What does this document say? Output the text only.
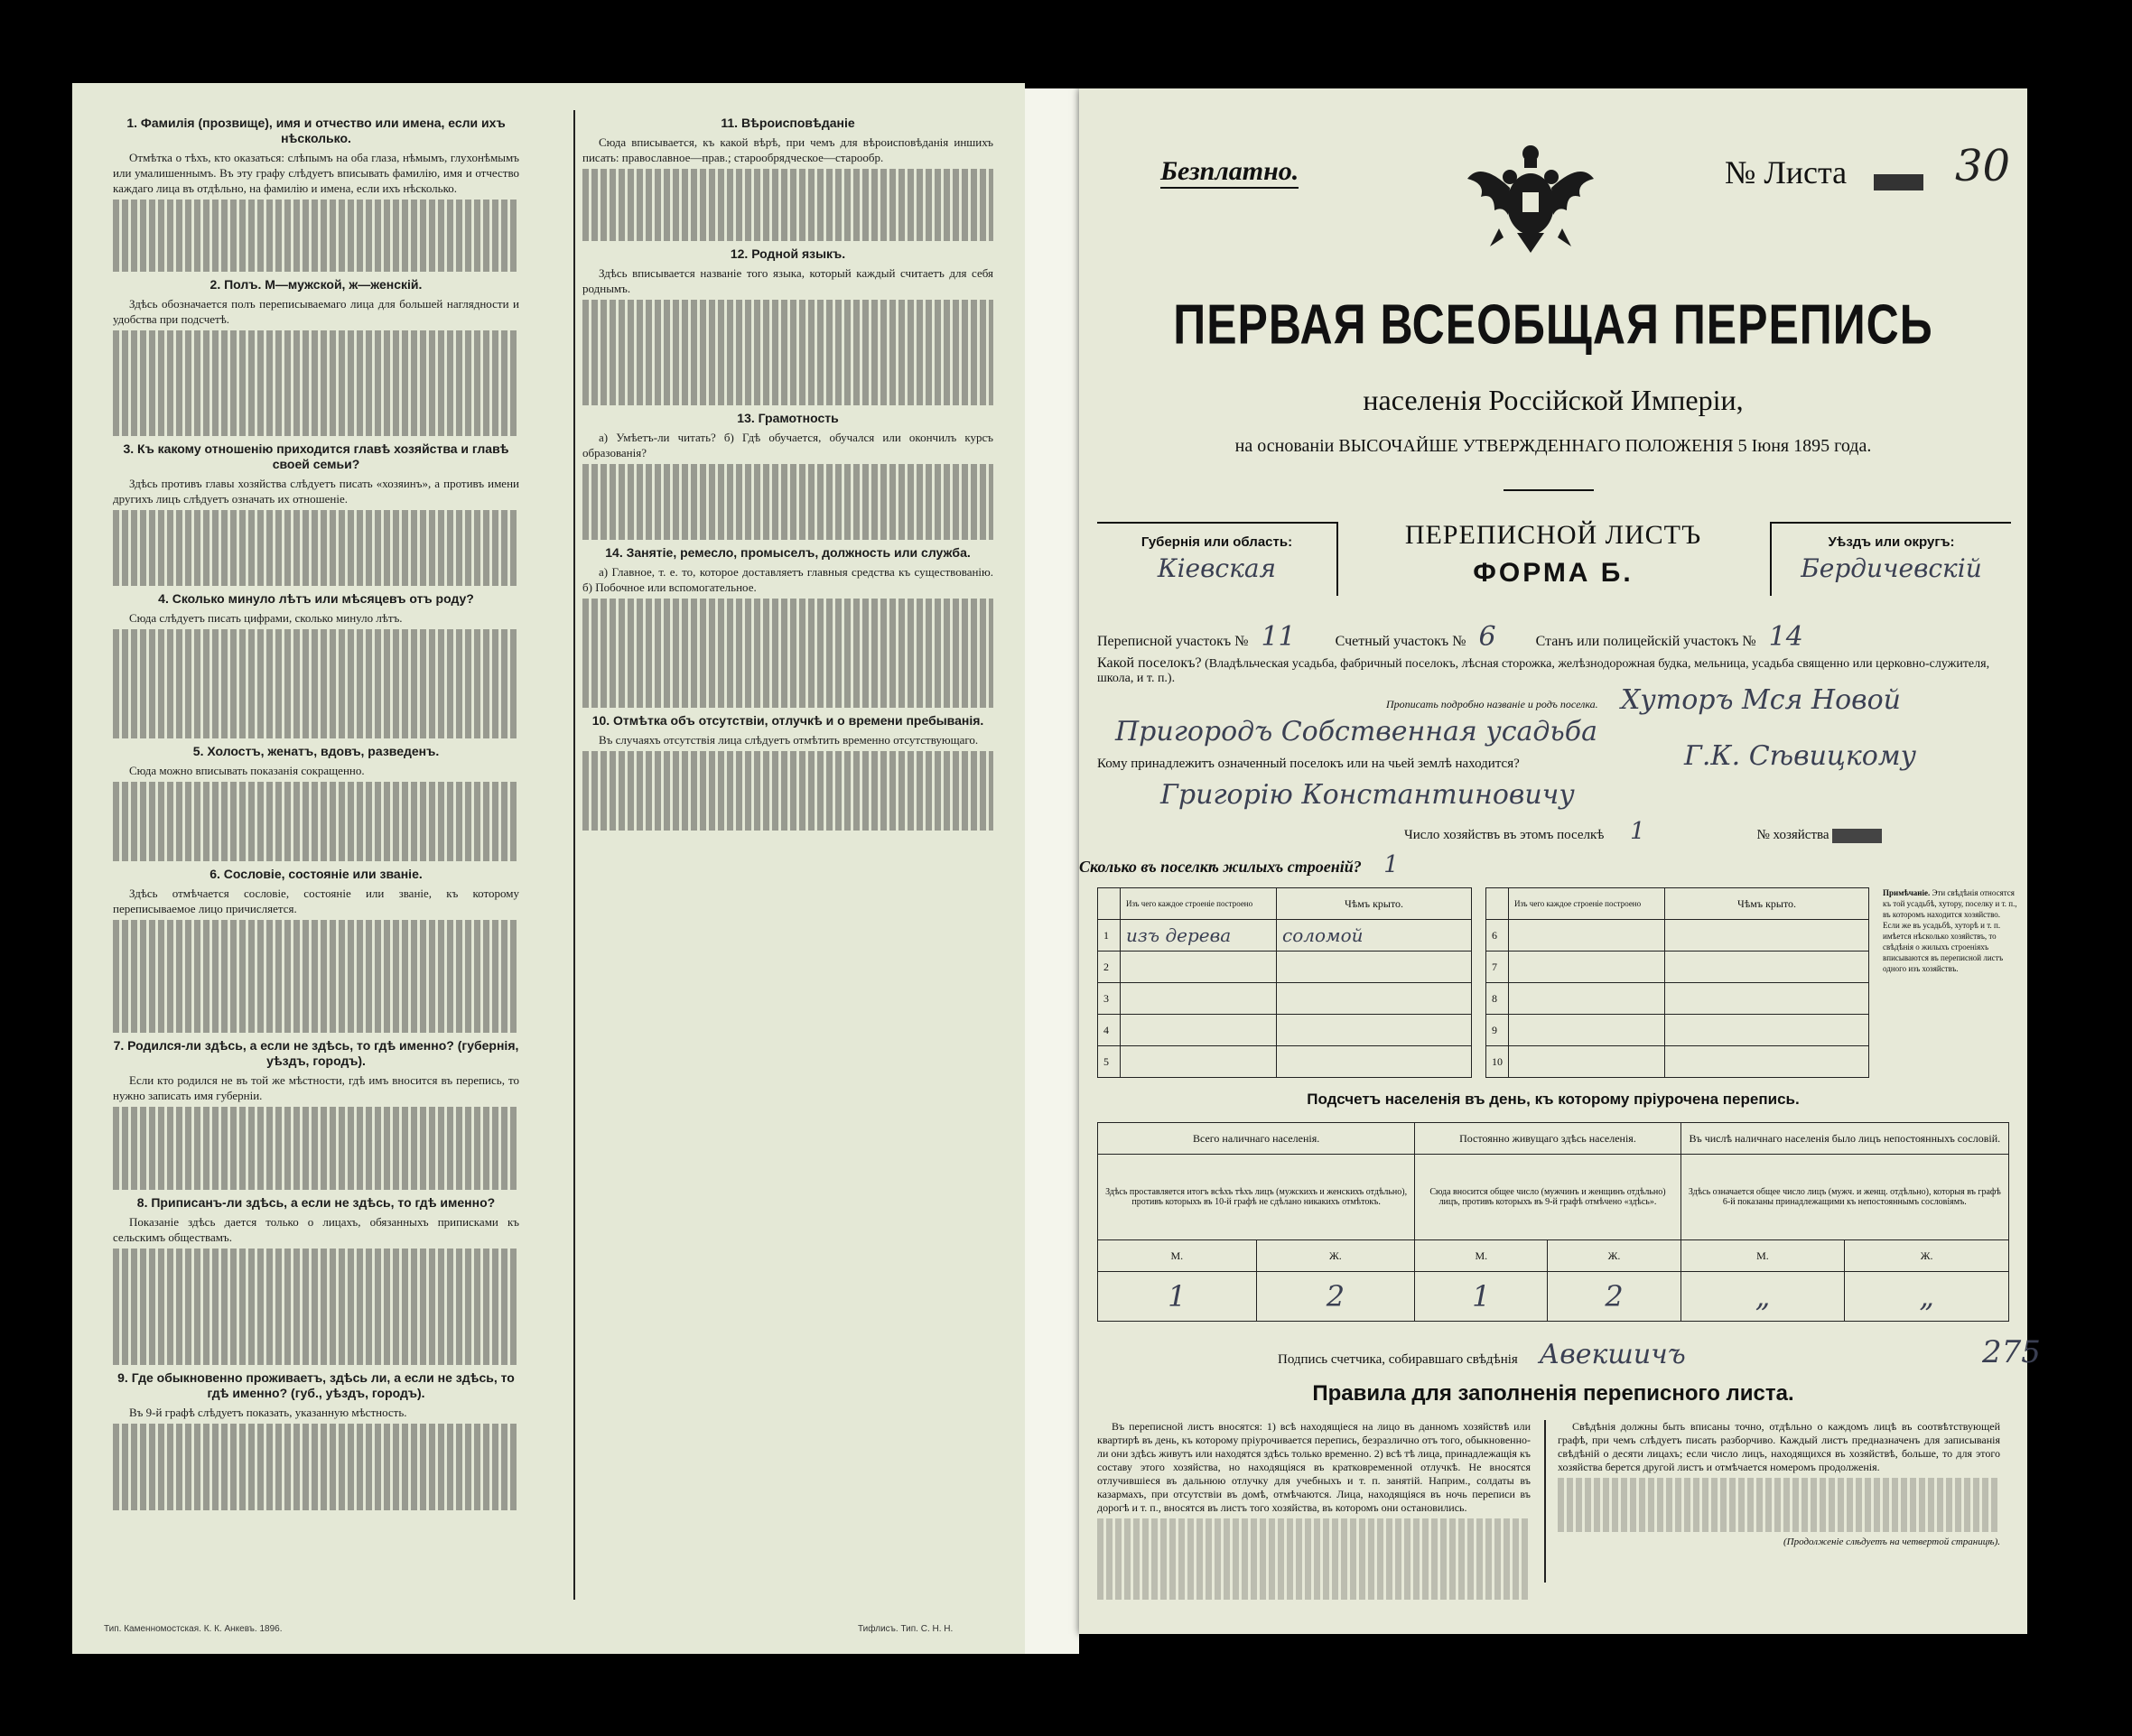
1. Фамилія (прозвище), имя и отчество или имена, если ихъ нѣсколько.

Отмѣтка о тѣхъ, кто оказаться: слѣпымъ на оба глаза, нѣмымъ, глухонѣмымъ или умалишеннымъ. Въ эту графу слѣдуетъ вписывать фамилію, имя и отчество каждаго лица въ отдѣльно, на фамилію и имена, если ихъ нѣсколько.

2. Полъ. М—мужской, ж—женскій.

Здѣсь обозначается полъ переписываемаго лица для большей наглядности и удобства при подсчетѣ.

3. Къ какому отношенію приходится главѣ хозяйства и главѣ своей семьи?

Здѣсь противъ главы хозяйства слѣдуетъ писать «хозяинъ», а противъ имени другихъ лицъ слѣдуетъ означать их отношеніе.

4. Сколько минуло лѣтъ или мѣсяцевъ отъ роду?

Сюда слѣдуетъ писать цифрами, сколько минуло лѣтъ.

5. Холостъ, женатъ, вдовъ, разведенъ.

Сюда можно вписывать показанія сокращенно.

6. Сословіе, состояніе или званіе.

Здѣсь отмѣчается сословіе, состояніе или званіе, къ которому переписываемое лицо причисляется.

7. Родился-ли здѣсь, а если не здѣсь, то гдѣ именно? (губернія, уѣздъ, городъ).

Если кто родился не въ той же мѣстности, гдѣ имъ вносится въ перепись, то нужно записать имя губерніи.

8. Приписанъ-ли здѣсь, а если не здѣсь, то гдѣ именно?

Показаніе здѣсь дается только о лицахъ, обязанныхъ приписками къ сельскимъ обществамъ.

9. Где обыкновенно проживаетъ, здѣсь ли, а если не здѣсь, то гдѣ именно? (губ., уѣздъ, городъ).

Въ 9-й графѣ слѣдуетъ показать, указанную мѣстность.

11. Вѣроисповѣданіе

Сюда вписывается, къ какой вѣрѣ, при чемъ для вѣроисповѣданія иншихъ писать: православное—прав.; старообрядческое—старообр.

12. Родной языкъ.

Здѣсь вписывается названіе того языка, который каждый считаетъ для себя роднымъ.

13. Грамотность

а) Умѣетъ-ли читать? б) Гдѣ обучается, обучался или окончилъ курсъ образованія?

14. Занятіе, ремесло, промыселъ, должность или служба.

а) Главное, т. е. то, которое доставляетъ главныя средства къ существованію. б) Побочное или вспомогательное.

10. Отмѣтка объ отсутствіи, отлучкѣ и о времени пребыванія.

Въ случаяхъ отсутствія лица слѣдуетъ отмѣтить временно отсутствующаго.

Тип. Каменномостская. К. К. Анкевъ. 1896.	Тифлисъ. Тип. С. Н. Н.
Безплатно.	№ Листа 30
ПЕРВАЯ ВСЕОБЩАЯ ПЕРЕПИСЬ
населенія Россійской Имперіи,
на основаніи ВЫСОЧАЙШЕ УТВЕРЖДЕННАГО ПОЛОЖЕНІЯ 5 Іюня 1895 года.
Губернія или область:
Кіевская
ПЕРЕПИСНОЙ ЛИСТЪ
ФОРМА Б.
Уѣздъ или округъ:
Бердичевскій
Переписной участокъ № 11	Счетный участокъ № 6	Станъ или полицейскій участокъ № 14
Какой поселокъ? (Владѣльческая усадьба, фабричный поселокъ, лѣсная сторожка, желѣзнодорожная будка, мельница, усадьба священно или церковно-служителя, школа, и т. п.).
Прописать подробно названіе и родъ поселка. Хуторъ Мся Новой
Пригородъ Собственная усадьба
Кому принадлежитъ означенный поселокъ или на чьей землѣ находится?	Г.К. Сѣвицкому
Григорію Константиновичу
Число хозяйствъ въ этомъ поселкѣ 1	№ хозяйства
Сколько въ поселкѣ жилыхъ строеній? 1
	Изъ чего каждое строеніе построено	Чѣмъ крыто.
1	изъ дерева	соломой
2		
3		
4		
5		
	Изъ чего каждое строеніе построено	Чѣмъ крыто.
6		
7		
8		
9		
10		
Примѣчаніе. Эти свѣдѣнія относятся къ той усадьбѣ, хутору, поселку и т. п., въ которомъ находится хозяйство. Если же въ усадьбѣ, хуторѣ и т. п. имѣется нѣсколько хозяйствъ, то свѣдѣнія о жилыхъ строеніяхъ вписываются въ переписной листъ одного изъ хозяйствъ.
Подсчетъ населенія въ день, къ которому пріурочена перепись.
Всего наличнаго населенія.		Постоянно живущаго здѣсь населенія.		Въ числѣ наличнаго населенія было лицъ непостоянныхъ сословій.	
Здѣсь проставляется итогъ всѣхъ тѣхъ лицъ (мужскихъ и женскихъ отдѣльно), противъ которыхъ въ 10-й графѣ не сдѣлано никакихъ отмѣтокъ.		Сюда вносится общее число (мужчинъ и женщинъ отдѣльно) лицъ, противъ которыхъ въ 9-й графѣ отмѣчено «здѣсь».		Здѣсь означается общее число лицъ (мужч. и женщ. отдѣльно), которыя въ графѣ 6-й показаны принадлежащими къ непостояннымъ сословіямъ.	
М.	Ж.	М.	Ж.	М.	Ж.
1	2	1	2	„	„
Подпись счетчика, собиравшаго свѣдѣнія Авекшичъ	275
Правила для заполненія переписного листа.

Въ переписной листъ вносятся: 1) всѣ находящіеся на лицо въ данномъ хозяйствѣ или квартирѣ въ день, къ которому пріурочивается перепись, безразлично отъ того, обыкновенно-ли они здѣсь живутъ или находятся здѣсь только временно. 2) всѣ тѣ лица, принадлежащія къ составу этого хозяйства, но находящіяся въ кратковременной отлучкѣ. Не вносятся отлучившіеся въ дальнюю отлучку для учебныхъ и т. п. занятій. Наприм., солдаты въ казармахъ, при отсутствіи въ домѣ, отмѣчаются. Лица, находящіяся въ ночь переписи въ дорогѣ и т. п., вносятся въ листъ того хозяйства, въ которомъ они остановились.

Свѣдѣнія должны быть вписаны точно, отдѣльно о каждомъ лицѣ въ соотвѣтствующей графѣ, при чемъ слѣдуетъ писать разборчиво. Каждый листъ предназначенъ для записыванія свѣдѣній о десяти лицахъ; если число лицъ, находящихся въ хозяйствѣ, больше, то для этого хозяйства берется другой листъ и отмѣчается номеромъ продолженія.

(Продолженіе слѣдуетъ на четвертой страницѣ).
